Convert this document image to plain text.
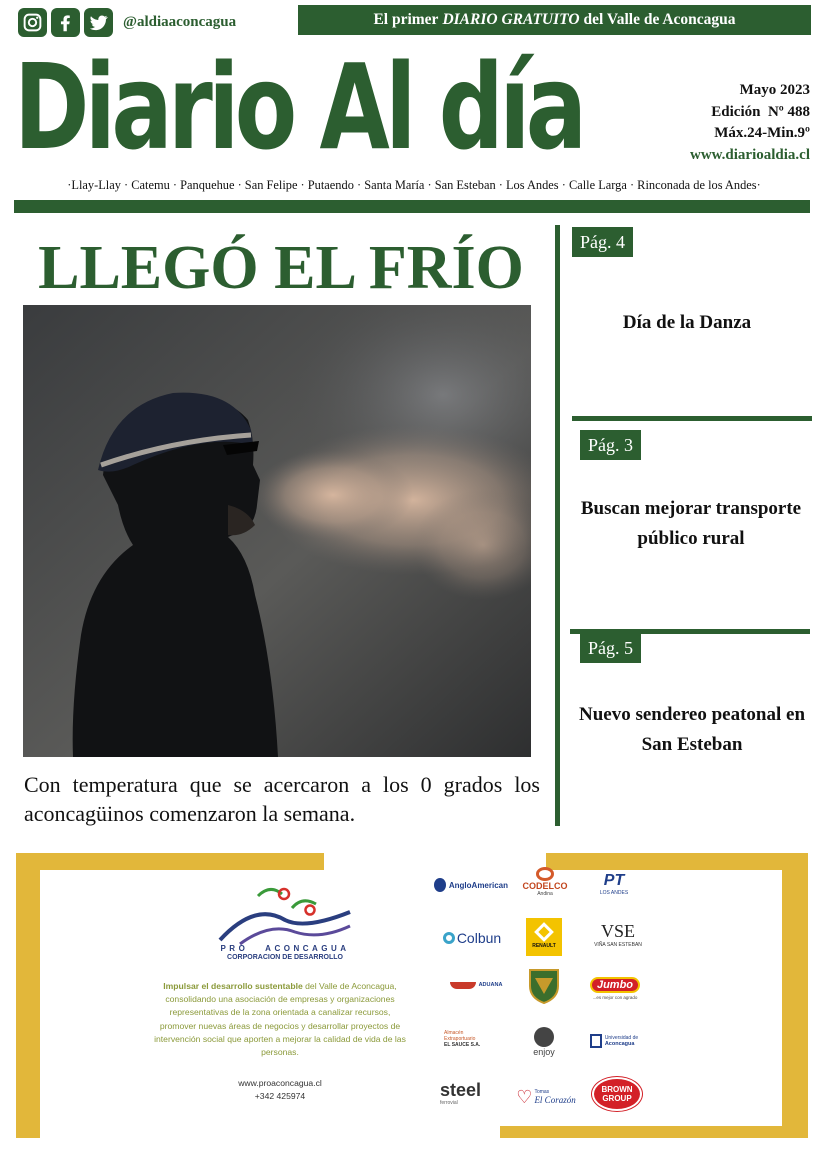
@aldiaaconcagua	El primer DIARIO GRATUITO del Valle de Aconcagua
Diario Al día	Mayo 2023
Edición  Nº 488
Máx.24-Min.9º
www.diarioaldia.cl
·Llay-Llay · Catemu · Panquehue · San Felipe · Putaendo · Santa María · San Esteban · Los Andes · Calle Larga · Rinconada de los Andes·
LLEGÓ EL FRÍO
Con temperatura que se acercaron a los 0 grados los aconcagüinos comenzaron la semana.
Pág. 4
Día de la Danza
Pág. 3
Buscan mejorar transporte público rural
Pág. 5
Nuevo sendereo peatonal en San Esteban
PRO   ACONCAGUA
CORPORACION DE DESARROLLO
Impulsar el desarrollo sustentable del Valle de Aconcagua, consolidando una asociación de empresas y organizaciones representativas de la zona orientada a canalizar recursos, promover nuevas áreas de negocios y desarrollar proyectos de intervención social que aporten a mejorar la calidad de vida de las personas.
www.proaconcagua.cl
+342 425974
AngloAmerican CODELCO
Andina
PT
LOS ANDES
Colbun	RENAULT
VSE
VIÑA SAN ESTEBAN
ADUANA	Jumbo
...es mejor con agrado
Almacén
Extraportuario
EL SAUCE S.A.
enjoy
Universidad de
Aconcagua
steel
ferrovial	♡ Tomas
El Corazón
BROWN GROUP
